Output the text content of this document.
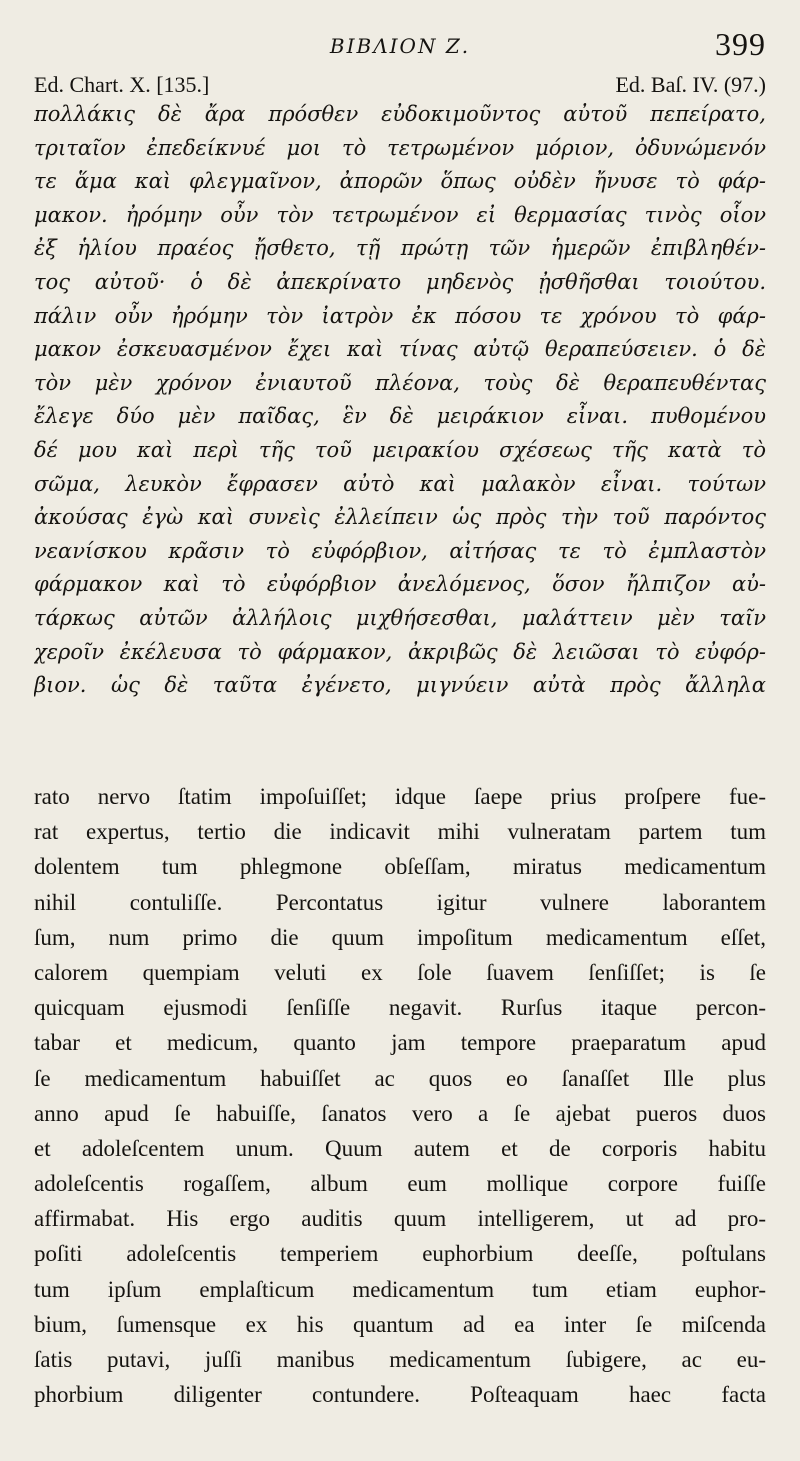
ΒΙΒΛΙΟΝ Ζ.	399
Ed. Chart. X. [135.]	Ed. Baſ. IV. (97.)
πολλάκις δὲ ἄρα πρόσθεν εὐδοκιμοῦντος αὐτοῦ πεπείρατο,
τριταῖον ἐπεδείκνυέ μοι τὸ τετρωμένον μόριον, ὀδυνώμενόν
τε ἅμα καὶ φλεγμαῖνον, ἀπορῶν ὅπως οὐδὲν ἤνυσε τὸ φάρ-
μακον. ἠρόμην οὖν τὸν τετρωμένον εἰ θερμασίας τινὸς οἷον
ἐξ ἡλίου πραέος ᾔσθετο, τῇ πρώτῃ τῶν ἡμερῶν ἐπιβληθέν-
τος αὐτοῦ· ὁ δὲ ἀπεκρίνατο μηδενὸς ᾐσθῆσθαι τοιούτου.
πάλιν οὖν ἠρόμην τὸν ἰατρὸν ἐκ πόσου τε χρόνου τὸ φάρ-
μακον ἐσκευασμένον ἔχει καὶ τίνας αὐτῷ θεραπεύσειεν. ὁ δὲ
τὸν μὲν χρόνον ἐνιαυτοῦ πλέονα, τοὺς δὲ θεραπευθέντας
ἔλεγε δύο μὲν παῖδας, ἓν δὲ μειράκιον εἶναι. πυθομένου
δέ μου καὶ περὶ τῆς τοῦ μειρακίου σχέσεως τῆς κατὰ τὸ
σῶμα, λευκὸν ἔφρασεν αὐτὸ καὶ μαλακὸν εἶναι. τούτων
ἀκούσας ἐγὼ καὶ συνεὶς ἐλλείπειν ὡς πρὸς τὴν τοῦ παρόντος
νεανίσκου κρᾶσιν τὸ εὐφόρβιον, αἰτήσας τε τὸ ἐμπλαστὸν
φάρμακον καὶ τὸ εὐφόρβιον ἀνελόμενος, ὅσον ἤλπιζον αὐ-
τάρκως αὐτῶν ἀλλήλοις μιχθήσεσθαι, μαλάττειν μὲν ταῖν
χεροῖν ἐκέλευσα τὸ φάρμακον, ἀκριβῶς δὲ λειῶσαι τὸ εὐφόρ-
βιον. ὡς δὲ ταῦτα ἐγένετο, μιγνύειν αὐτὰ πρὸς ἄλληλα
rato nervo ſtatim impoſuiſſet; idque ſaepe prius proſpere fue-
rat expertus, tertio die indicavit mihi vulneratam partem tum
dolentem tum phlegmone obſeſſam, miratus medicamentum
nihil contuliſſe. Percontatus igitur vulnere laborantem
ſum, num primo die quum impoſitum medicamentum eſſet,
calorem quempiam veluti ex ſole ſuavem ſenſiſſet; is ſe
quicquam ejusmodi ſenſiſſe negavit. Rurſus itaque percon-
tabar et medicum, quanto jam tempore praeparatum apud
ſe medicamentum habuiſſet ac quos eo ſanaſſet Ille plus
anno apud ſe habuiſſe, ſanatos vero a ſe ajebat pueros duos
et adoleſcentem unum. Quum autem et de corporis habitu
adoleſcentis rogaſſem, album eum mollique corpore fuiſſe
affirmabat. His ergo auditis quum intelligerem, ut ad pro-
poſiti adoleſcentis temperiem euphorbium deeſſe, poſtulans
tum ipſum emplaſticum medicamentum tum etiam euphor-
bium, ſumensque ex his quantum ad ea inter ſe miſcenda
ſatis putavi, juſſi manibus medicamentum ſubigere, ac eu-
phorbium diligenter contundere. Poſteaquam haec facta
